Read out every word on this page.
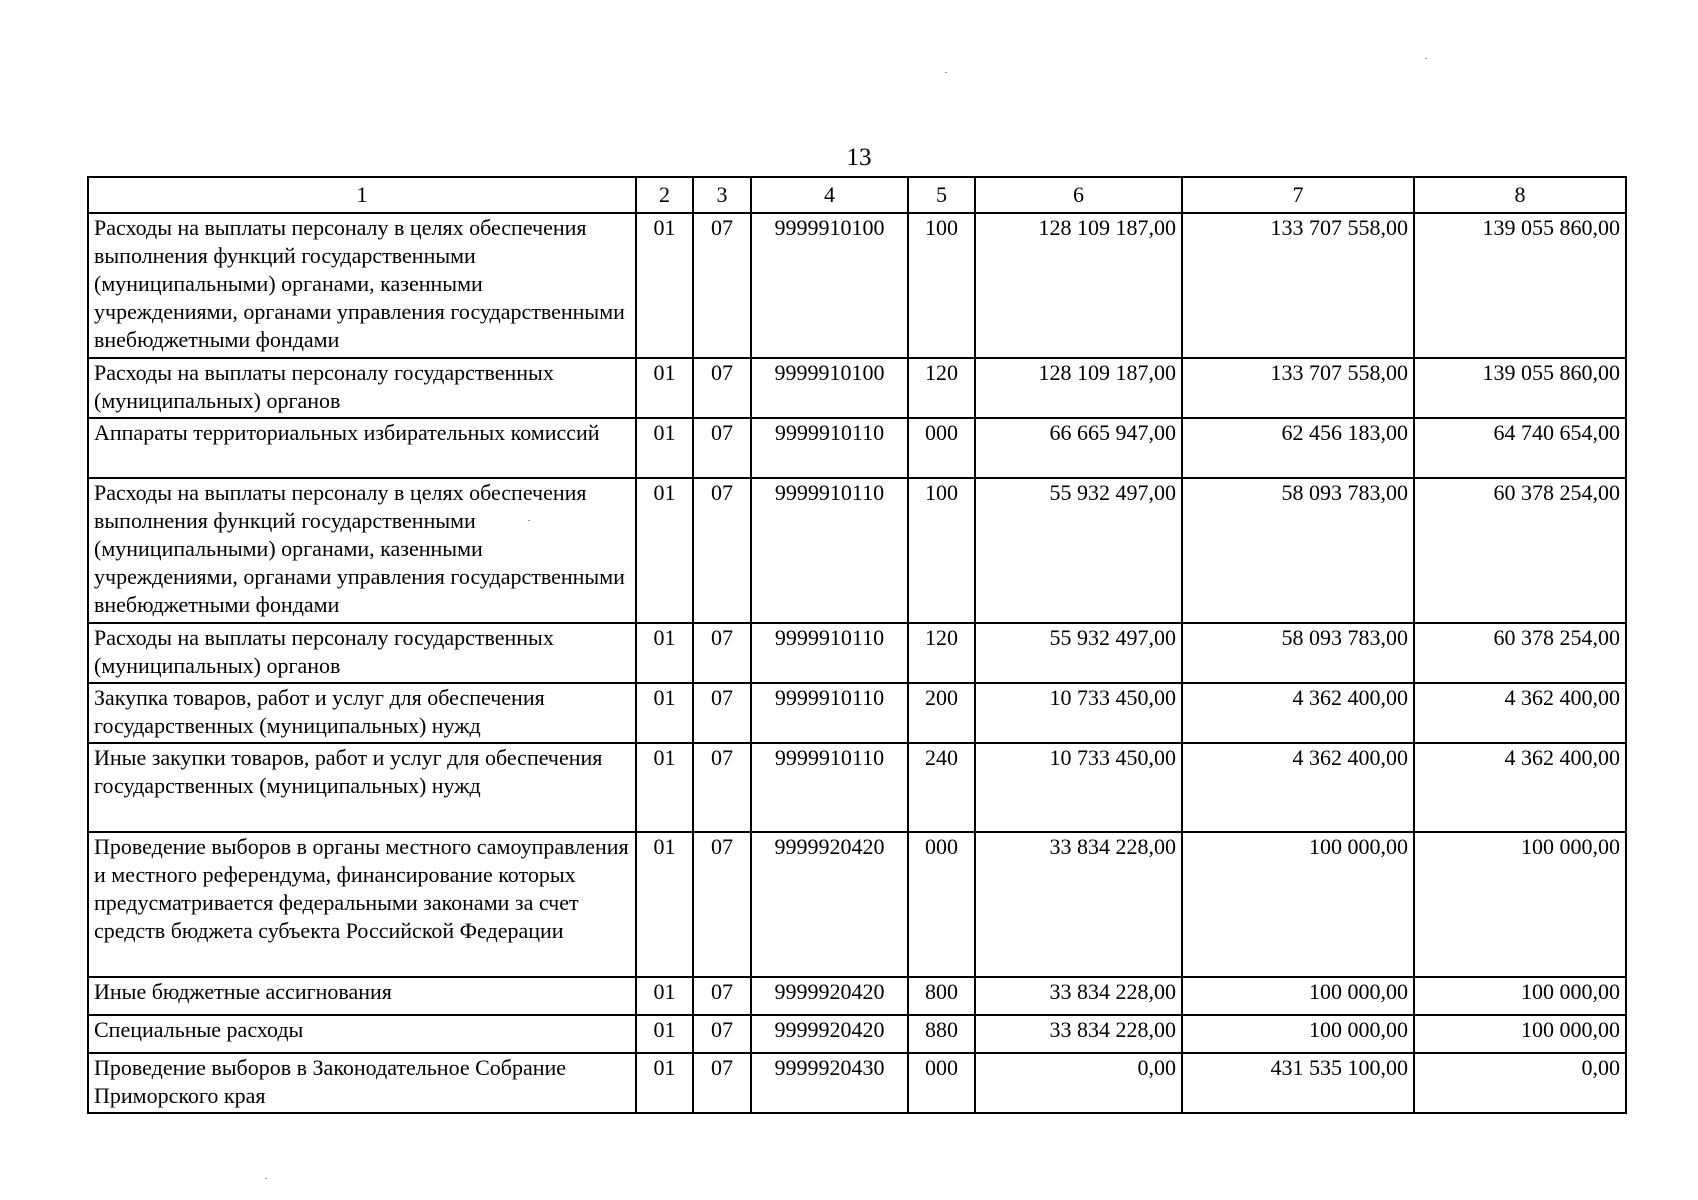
13
1	2	3	4	5	6	7	8
Расходы на выплаты персоналу в целях обеспечения выполнения функций государственными (муниципальными) органами, казенными учреждениями, органами управления государственными внебюджетными фондами	01	07	9999910100	100	128 109 187,00	133 707 558,00	139 055 860,00
Расходы на выплаты персоналу государственных (муниципальных) органов	01	07	9999910100	120	128 109 187,00	133 707 558,00	139 055 860,00
Аппараты территориальных избирательных комиссий	01	07	9999910110	000	66 665 947,00	62 456 183,00	64 740 654,00
Расходы на выплаты персоналу в целях обеспечения выполнения функций государственными (муниципальными) органами, казенными учреждениями, органами управления государственными внебюджетными фондами	01	07	9999910110	100	55 932 497,00	58 093 783,00	60 378 254,00
Расходы на выплаты персоналу государственных (муниципальных) органов	01	07	9999910110	120	55 932 497,00	58 093 783,00	60 378 254,00
Закупка товаров, работ и услуг для обеспечения государственных (муниципальных) нужд	01	07	9999910110	200	10 733 450,00	4 362 400,00	4 362 400,00
Иные закупки товаров, работ и услуг для обеспечения государственных (муниципальных) нужд	01	07	9999910110	240	10 733 450,00	4 362 400,00	4 362 400,00
Проведение выборов в органы местного самоуправления и местного референдума, финансирование которых предусматривается федеральными законами за счет средств бюджета субъекта Российской Федерации	01	07	9999920420	000	33 834 228,00	100 000,00	100 000,00
Иные бюджетные ассигнования	01	07	9999920420	800	33 834 228,00	100 000,00	100 000,00
Специальные расходы	01	07	9999920420	880	33 834 228,00	100 000,00	100 000,00
Проведение выборов в Законодательное Собрание Приморского края	01	07	9999920430	000	0,00	431 535 100,00	0,00
